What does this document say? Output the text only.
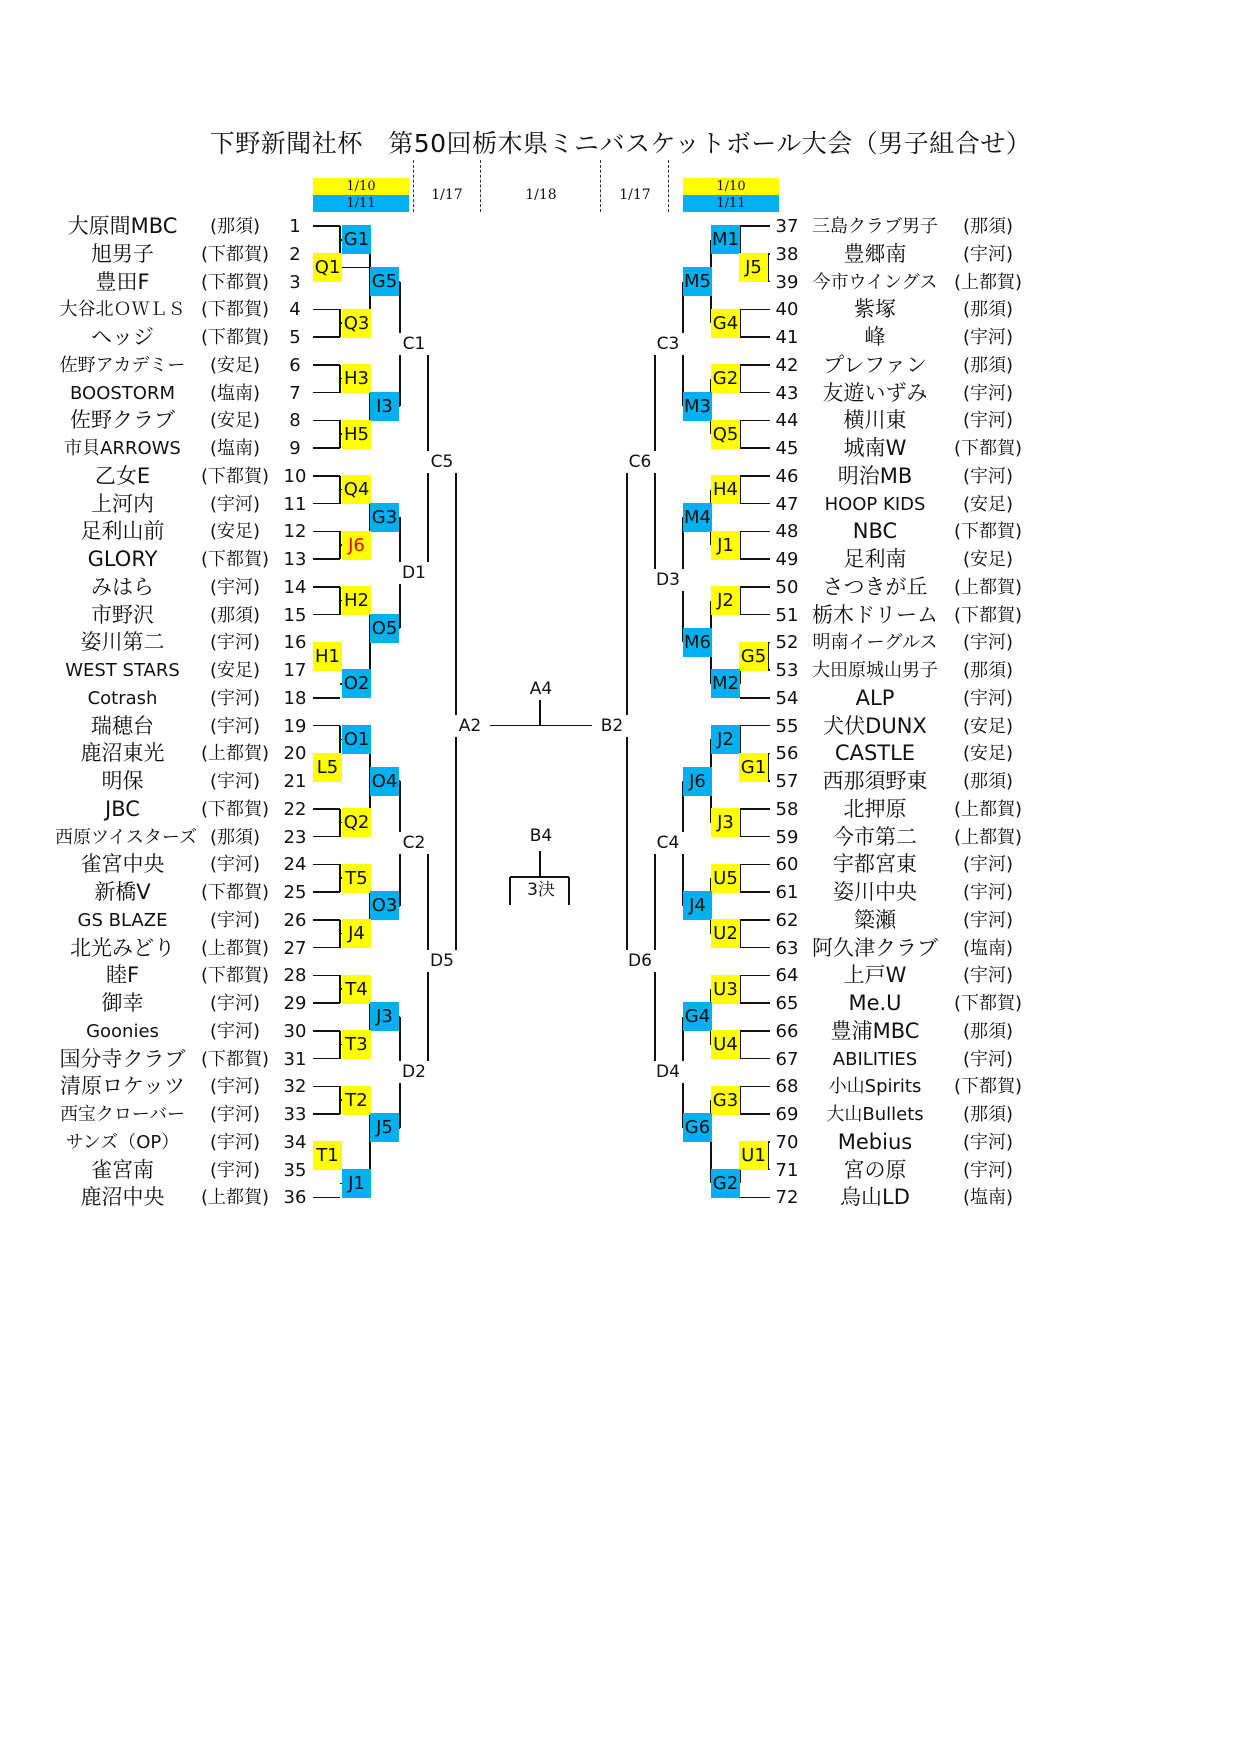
下野新聞社杯　第50回栃木県ミニバスケットボール大会（男子組合せ）
1/10
1/11
1/17	1/18	1/17
1/10
1/11
G1
Q1
G5
Q3
H3
I3
H5
Q4
G3
J6
H2
O5
H1
O2
O1
L5
O4
Q2
T5
O3
J4
T4
J3
T3
T2
J5
T1
J1
M1
J5
M5
G4
G2
M3
Q5
H4
M4
J1
J2
M6
G5
M2
J2
G1
J6
J3
U5
J4
U2
U3
G4
U4
G3
G6
U1
G2
C1
C5
D1
C2
D5
D2
C3
C6
D3
C4
D6
D4
A2	B2
A4
B4
3決
大原間MBC	(那須)	1
旭男子	(下都賀)	2
豊田F	(下都賀)	3
大谷北ＯＷＬＳ (下都賀)	4
ヘッジ	(下都賀)	5
佐野アカデミー	(安足)	6
BOOSTORM	(塩南)	7
佐野クラブ	(安足)	8
市貝ARROWS	(塩南)	9
乙女E	(下都賀) 10
上河内	(宇河)	11
足利山前	(安足)	12
GLORY	(下都賀) 13
みはら	(宇河)	14
市野沢	(那須)	15
姿川第二	(宇河)	16
WEST STARS	(安足)	17
Cotrash	(宇河)	18
瑞穂台	(宇河)	19
鹿沼東光	(上都賀) 20
明保	(宇河)	21
JBC	(下都賀) 22
西原ツイスターズ (那須)	23
雀宮中央	(宇河)	24
新橋V	(下都賀) 25
GS BLAZE	(宇河)	26
北光みどり	(上都賀) 27
睦F	(下都賀) 28
御幸	(宇河)	29
Goonies	(宇河)	30
国分寺クラブ (下都賀) 31
清原ロケッツ	(宇河)	32
西宝クローバー	(宇河)	33
サンズ（OP）	(宇河)	34
雀宮南	(宇河)	35
鹿沼中央	(上都賀) 36
37 三島クラブ男子	(那須)
38	豊郷南	(宇河)
39 今市ウイングス (上都賀)
40	紫塚	(那須)
41	峰	(宇河)
42	プレファン	(那須)
43	友遊いずみ	(宇河)
44	横川東	(宇河)
45	城南W	(下都賀)
46	明治MB	(宇河)
47	HOOP KIDS	(安足)
48	NBC	(下都賀)
49	足利南	(安足)
50	さつきが丘	(上都賀)
51 栃木ドリーム (下都賀)
52 明南イーグルス	(宇河)
53 大田原城山男子	(那須)
54	ALP	(宇河)
55	犬伏DUNX	(安足)
56	CASTLE	(安足)
57	西那須野東	(那須)
58	北押原	(上都賀)
59	今市第二	(上都賀)
60	宇都宮東	(宇河)
61	姿川中央	(宇河)
62	簗瀬	(宇河)
63 阿久津クラブ	(塩南)
64	上戸W	(宇河)
65	Me.U	(下都賀)
66	豊浦MBC	(那須)
67	ABILITIES	(宇河)
68	小山Spirits	(下都賀)
69	大山Bullets	(那須)
70	Mebius	(宇河)
71	宮の原	(宇河)
72	烏山LD	(塩南)
